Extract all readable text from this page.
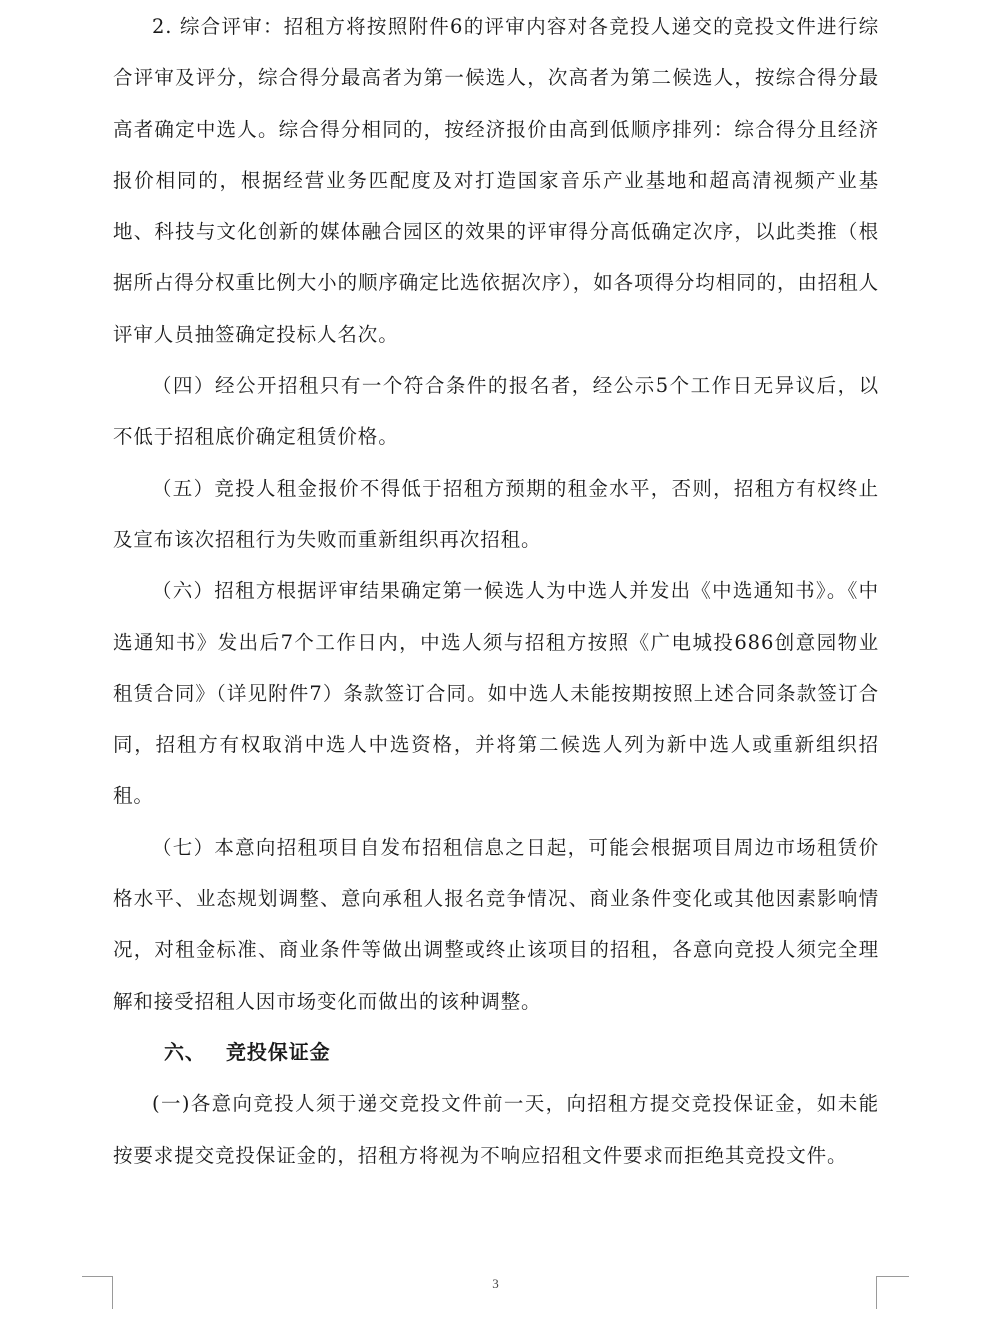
2. 综合评审：招租方将按照附件6的评审内容对各竞投人递交的竞投文件进行综合评审及评分，综合得分最高者为第一候选人，次高者为第二候选人，按综合得分最高者确定中选人。综合得分相同的，按经济报价由高到低顺序排列：综合得分且经济报价相同的，根据经营业务匹配度及对打造国家音乐产业基地和超高清视频产业基地、科技与文化创新的媒体融合园区的效果的评审得分高低确定次序，以此类推（根据所占得分权重比例大小的顺序确定比选依据次序），如各项得分均相同的，由招租人评审人员抽签确定投标人名次。

（四）经公开招租只有一个符合条件的报名者，经公示5个工作日无异议后，以不低于招租底价确定租赁价格。

（五）竞投人租金报价不得低于招租方预期的租金水平，否则，招租方有权终止及宣布该次招租行为失败而重新组织再次招租。

（六）招租方根据评审结果确定第一候选人为中选人并发出《中选通知书》。《中选通知书》发出后7个工作日内，中选人须与招租方按照《广电城投686创意园物业租赁合同》（详见附件7）条款签订合同。如中选人未能按期按照上述合同条款签订合同，招租方有权取消中选人中选资格，并将第二候选人列为新中选人或重新组织招租。

（七）本意向招租项目自发布招租信息之日起，可能会根据项目周边市场租赁价格水平、业态规划调整、意向承租人报名竞争情况、商业条件变化或其他因素影响情况，对租金标准、商业条件等做出调整或终止该项目的招租，各意向竞投人须完全理解和接受招租人因市场变化而做出的该种调整。

六、 竞投保证金

(一)各意向竞投人须于递交竞投文件前一天，向招租方提交竞投保证金，如未能按要求提交竞投保证金的，招租方将视为不响应招租文件要求而拒绝其竞投文件。

3
